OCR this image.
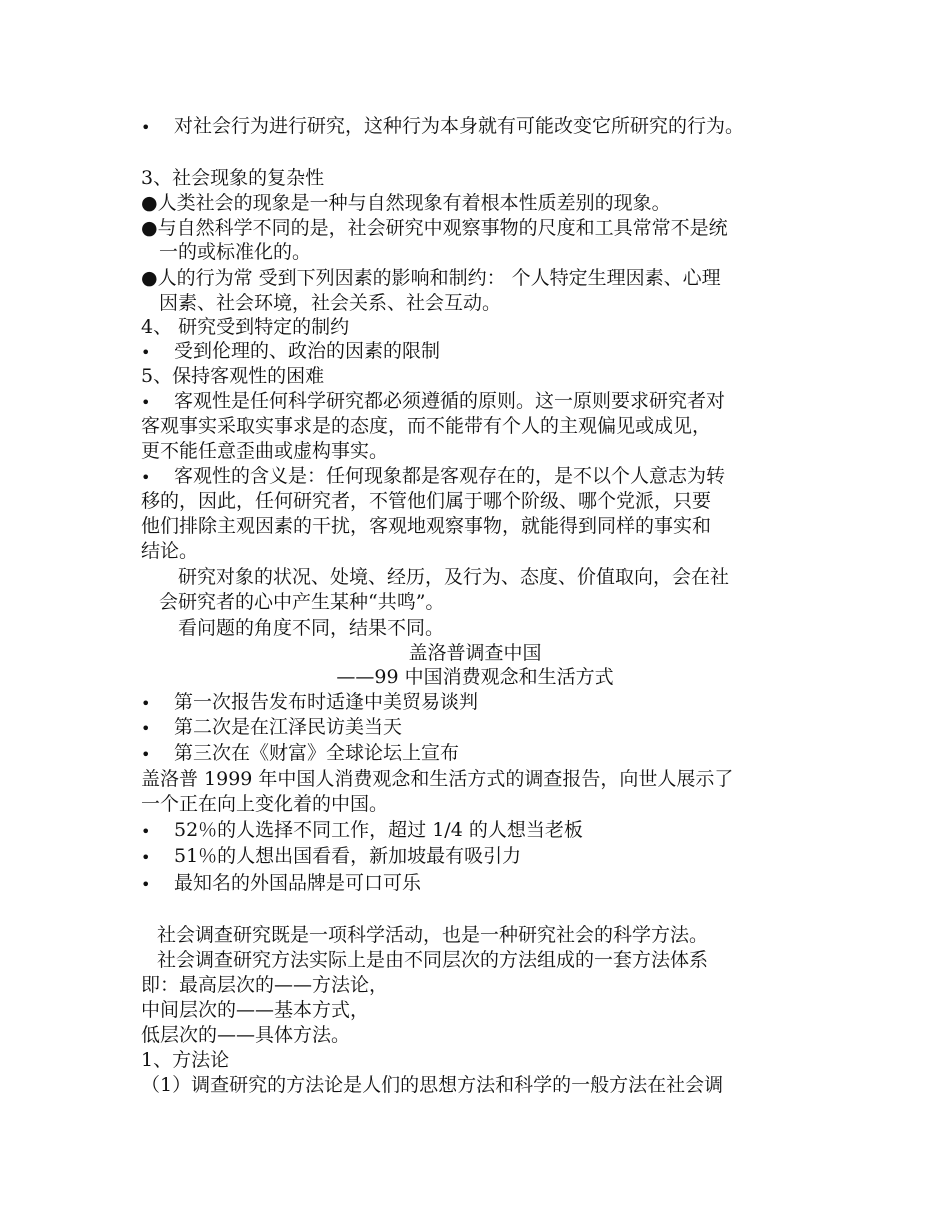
• 对社会行为进行研究，这种行为本身就有可能改变它所研究的行为。
3、社会现象的复杂性
●人类社会的现象是一种与自然现象有着根本性质差别的现象。
●与自然科学不同的是，社会研究中观察事物的尺度和工具常常不是统
一的或标准化的。
●人的行为常 受到下列因素的影响和制约： 个人特定生理因素、心理
因素、社会环境，社会关系、社会互动。
4、 研究受到特定的制约
• 受到伦理的、政治的因素的限制
5、保持客观性的困难
• 客观性是任何科学研究都必须遵循的原则。这一原则要求研究者对
客观事实采取实事求是的态度，而不能带有个人的主观偏见或成见，
更不能任意歪曲或虚构事实。
• 客观性的含义是：任何现象都是客观存在的，是不以个人意志为转
移的，因此，任何研究者，不管他们属于哪个阶级、哪个党派，只要
他们排除主观因素的干扰，客观地观察事物，就能得到同样的事实和
结论。
研究对象的状况、处境、经历，及行为、态度、价值取向，会在社
会研究者的心中产生某种“共鸣”。
看问题的角度不同，结果不同。
盖洛普调查中国
——99 中国消费观念和生活方式
• 第一次报告发布时适逢中美贸易谈判
• 第二次是在江泽民访美当天
• 第三次在《财富》全球论坛上宣布
盖洛普 1999 年中国人消费观念和生活方式的调查报告，向世人展示了
一个正在向上变化着的中国。
• 52％的人选择不同工作，超过 1/4 的人想当老板
• 51％的人想出国看看，新加坡最有吸引力
• 最知名的外国品牌是可口可乐
社会调查研究既是一项科学活动，也是一种研究社会的科学方法。
社会调查研究方法实际上是由不同层次的方法组成的一套方法体系
即：最高层次的——方法论，
中间层次的——基本方式，
低层次的——具体方法。
1、方法论
（1）调查研究的方法论是人们的思想方法和科学的一般方法在社会调
